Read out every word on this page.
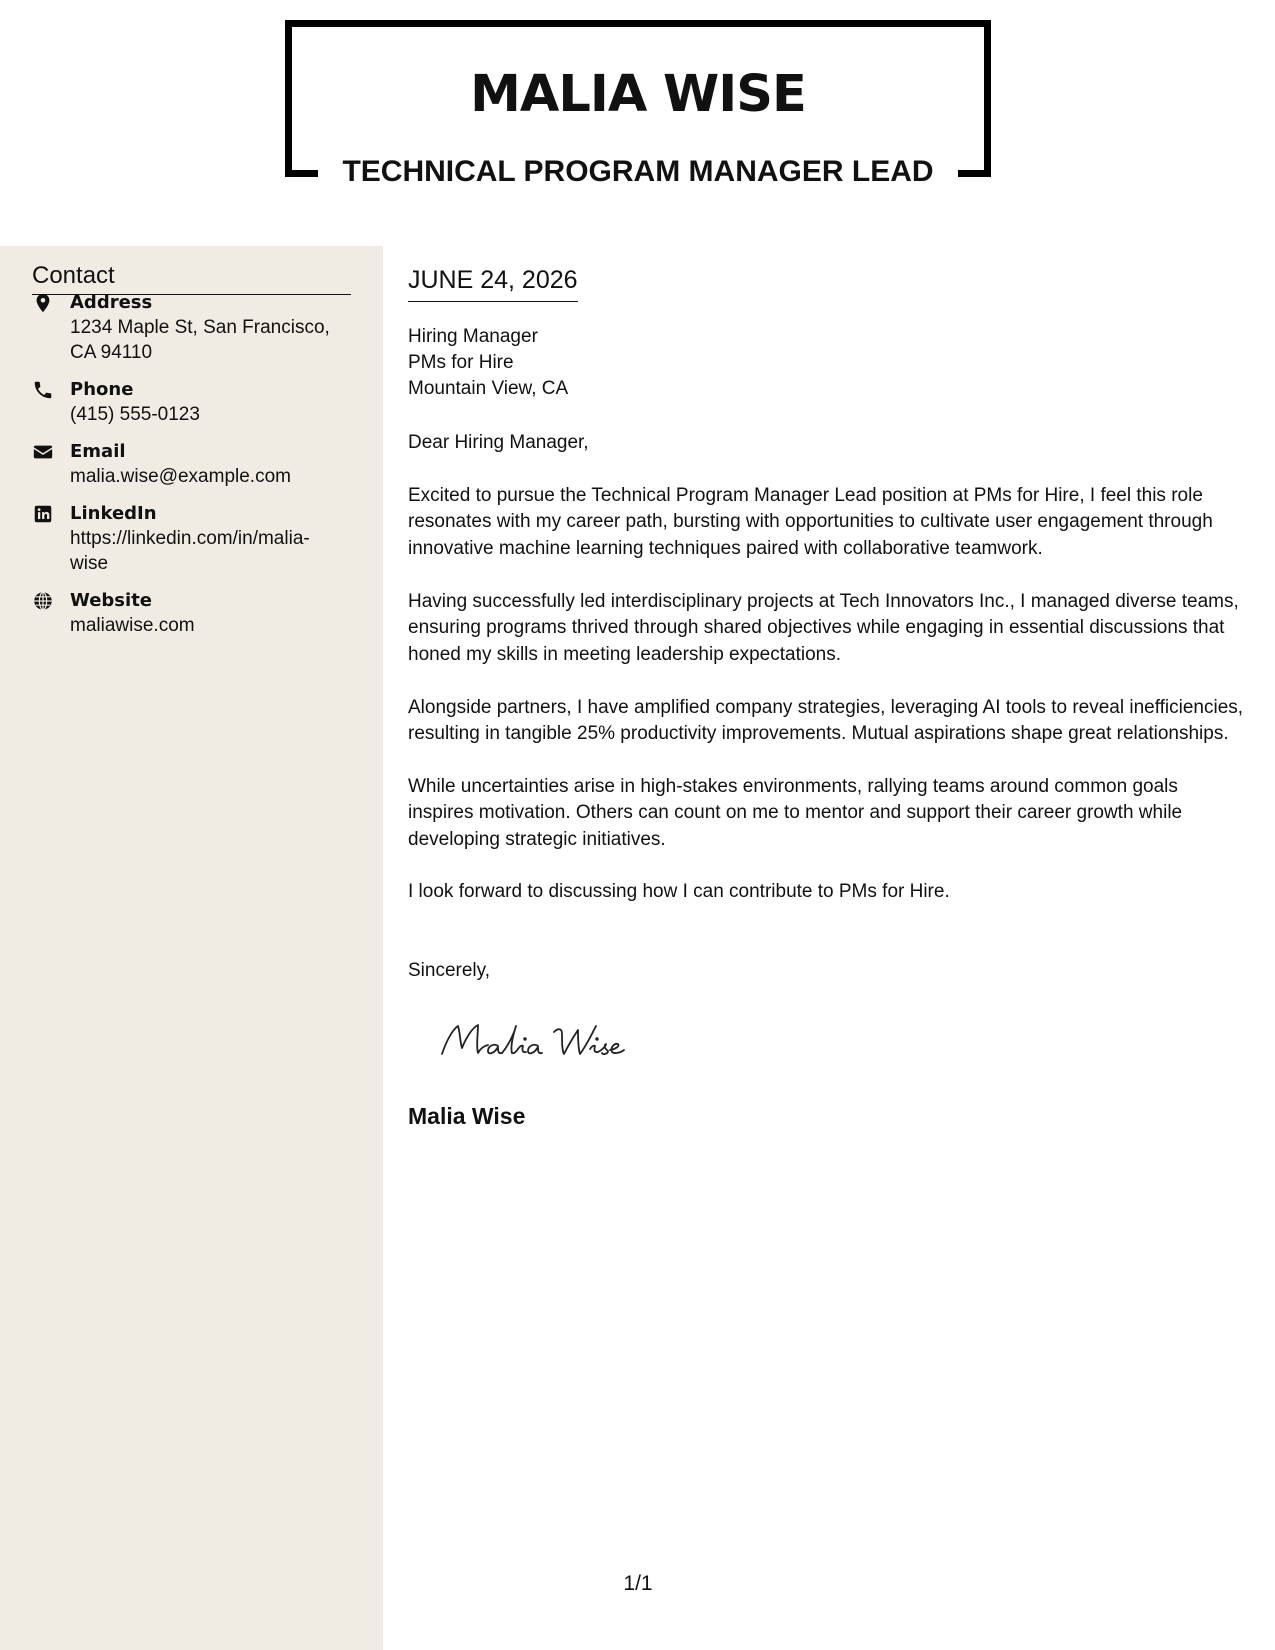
MALIA WISE
TECHNICAL PROGRAM MANAGER LEAD
Contact
Address
1234 Maple St, San Francisco, CA 94110
Phone
(415) 555-0123
Email
malia.wise@example.com
LinkedIn
https://linkedin.com/in/malia-wise
Website
maliawise.com
JUNE 24, 2026
Hiring Manager
PMs for Hire
Mountain View, CA
Dear Hiring Manager,

Excited to pursue the Technical Program Manager Lead position at PMs for Hire, I feel this role resonates with my career path, bursting with opportunities to cultivate user engagement through innovative machine learning techniques paired with collaborative teamwork.

Having successfully led interdisciplinary projects at Tech Innovators Inc., I managed diverse teams, ensuring programs thrived through shared objectives while engaging in essential discussions that honed my skills in meeting leadership expectations.

Alongside partners, I have amplified company strategies, leveraging AI tools to reveal inefficiencies, resulting in tangible 25% productivity improvements. Mutual aspirations shape great relationships.

While uncertainties arise in high-stakes environments, rallying teams around common goals inspires motivation. Others can count on me to mentor and support their career growth while developing strategic initiatives.

I look forward to discussing how I can contribute to PMs for Hire.

Sincerely,
Malia Wise
1/1
